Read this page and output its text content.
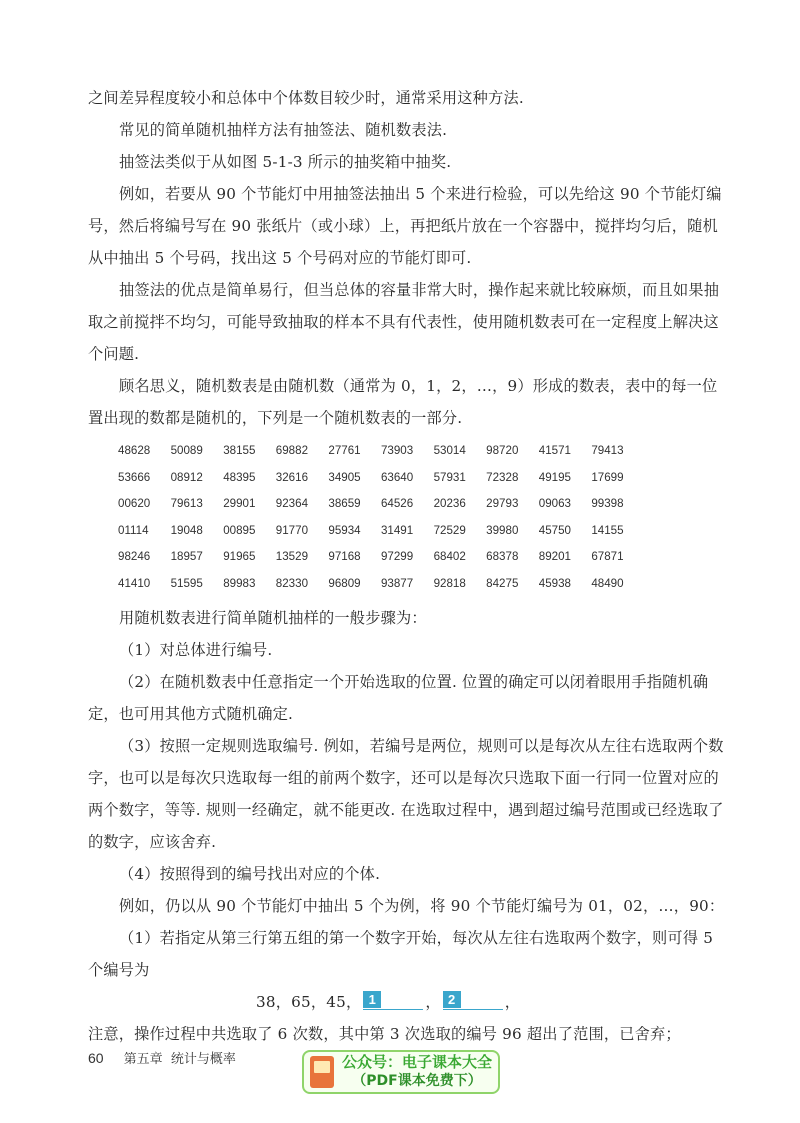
之间差异程度较小和总体中个体数目较少时，通常采用这种方法.

常见的简单随机抽样方法有抽签法、随机数表法.

抽签法类似于从如图 5-1-3 所示的抽奖箱中抽奖.

例如，若要从 90 个节能灯中用抽签法抽出 5 个来进行检验，可以先给这 90 个节能灯编号，然后将编号写在 90 张纸片（或小球）上，再把纸片放在一个容器中，搅拌均匀后，随机从中抽出 5 个号码，找出这 5 个号码对应的节能灯即可.

抽签法的优点是简单易行，但当总体的容量非常大时，操作起来就比较麻烦，而且如果抽取之前搅拌不均匀，可能导致抽取的样本不具有代表性，使用随机数表可在一定程度上解决这个问题.

顾名思义，随机数表是由随机数（通常为 0，1，2，…，9）形成的数表，表中的每一位置出现的数都是随机的，下列是一个随机数表的一部分.

48628	50089	38155	69882	27761	73903	53014	98720	41571	79413
53666	08912	48395	32616	34905	63640	57931	72328	49195	17699
00620	79613	29901	92364	38659	64526	20236	29793	09063	99398
01114	19048	00895	91770	95934	31491	72529	39980	45750	14155
98246	18957	91965	13529	97168	97299	68402	68378	89201	67871
41410	51595	89983	82330	96809	93877	92818	84275	45938	48490

用随机数表进行简单随机抽样的一般步骤为：

（1）对总体进行编号.

（2）在随机数表中任意指定一个开始选取的位置. 位置的确定可以闭着眼用手指随机确定，也可用其他方式随机确定.

（3）按照一定规则选取编号. 例如，若编号是两位，规则可以是每次从左往右选取两个数字，也可以是每次只选取每一组的前两个数字，还可以是每次只选取下面一行同一位置对应的两个数字，等等. 规则一经确定，就不能更改. 在选取过程中，遇到超过编号范围或已经选取了的数字，应该舍弃.

（4）按照得到的编号找出对应的个体.

例如，仍以从 90 个节能灯中抽出 5 个为例，将 90 个节能灯编号为 01，02，…，90：

（1）若指定从第三行第五组的第一个数字开始，每次从左往右选取两个数字，则可得 5 个编号为

38，65，45， 1	， 2	，

注意，操作过程中共选取了 6 次数，其中第 3 次选取的编号 96 超出了范围，已舍弃；

60 第五章 统计与概率	公众号：电子课本大全
（PDF课本免费下）
